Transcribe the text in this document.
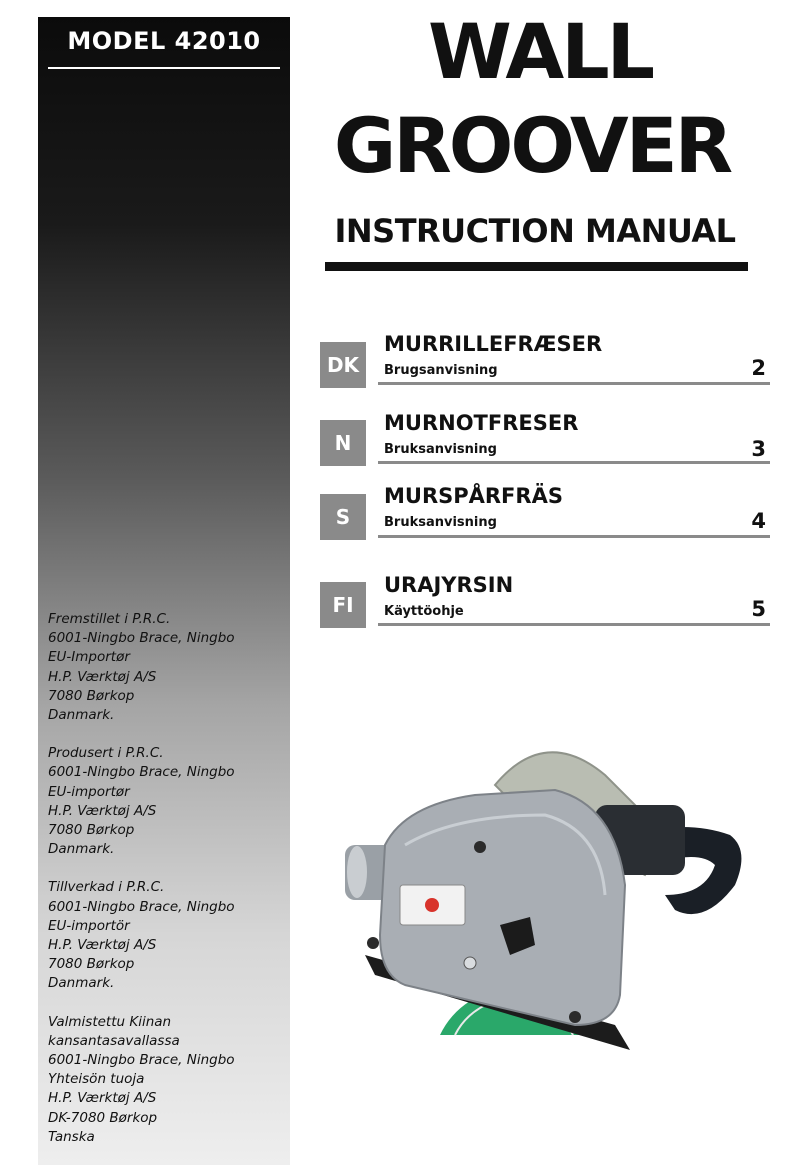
MODEL 42010
Fremstillet i P.R.C.
6001-Ningbo Brace, Ningbo
EU-Importør
H.P. Værktøj A/S
7080 Børkop
Danmark.
Produsert i P.R.C.
6001-Ningbo Brace, Ningbo
EU-importør
H.P. Værktøj A/S
7080 Børkop
Danmark.
Tillverkad i P.R.C.
6001-Ningbo Brace, Ningbo
EU-importör
H.P. Værktøj A/S
7080 Børkop
Danmark.
Valmistettu Kiinan
kansantasavallassa
6001-Ningbo Brace, Ningbo
Yhteisön tuoja
H.P. Værktøj A/S
DK-7080 Børkop
Tanska
WALL
GROOVER
INSTRUCTION MANUAL
DK
MURRILLEFRÆSER
Brugsanvisning	2
N
MURNOTFRESER
Bruksanvisning	3
S
MURSPÅRFRÄS
Bruksanvisning	4
FI
URAJYRSIN
Käyttöohje	5
